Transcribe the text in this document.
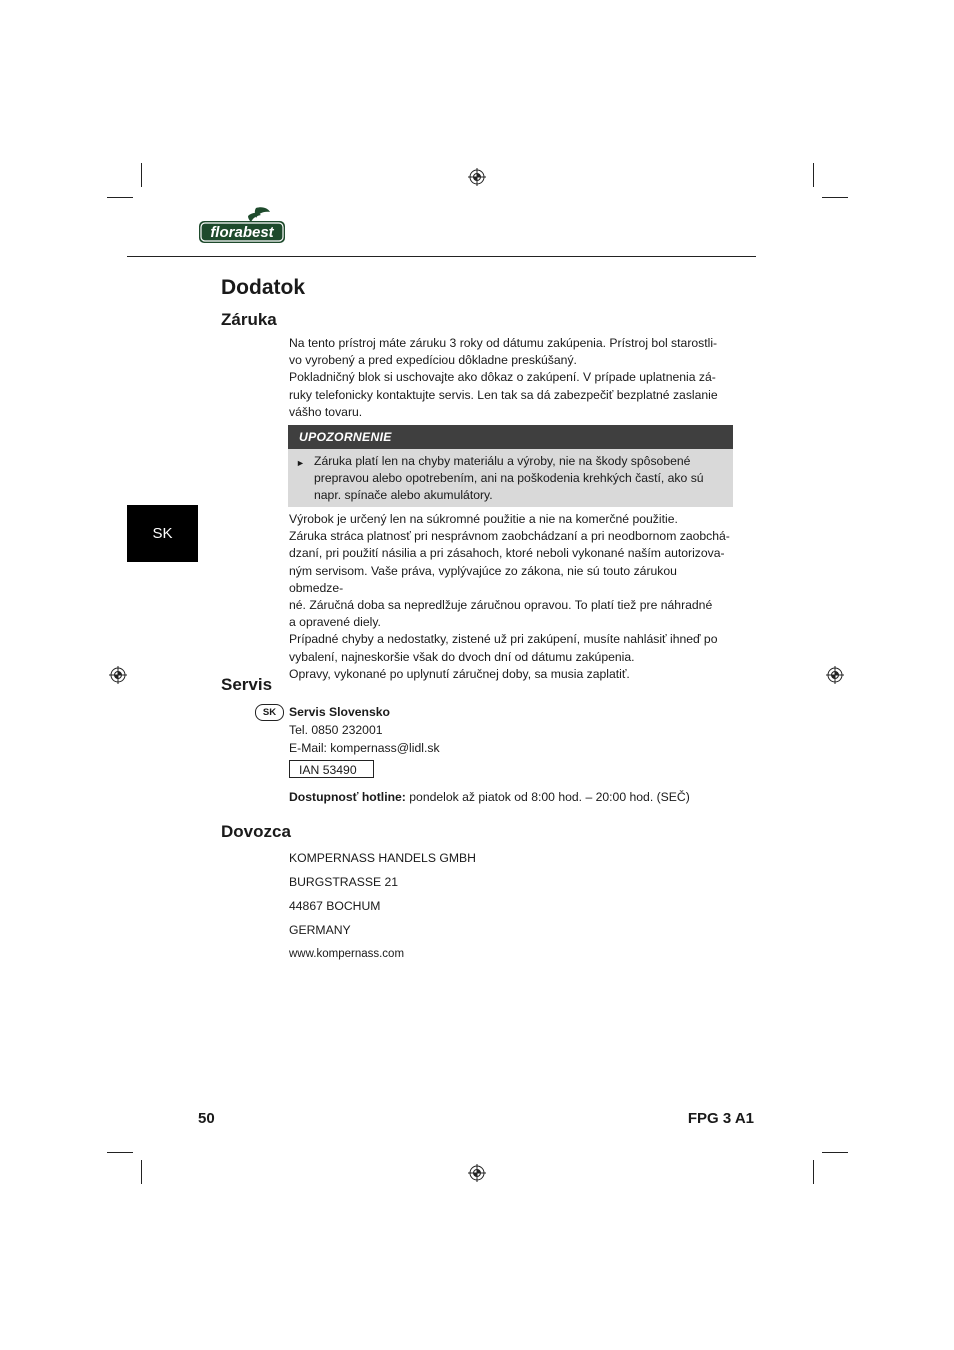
florabest
Dodatok
Záruka

Na tento prístroj máte záruku 3 roky od dátumu zakúpenia. Prístroj bol starostli-

vo vyrobený a pred expedíciou dôkladne preskúšaný.

Pokladničný blok si uschovajte ako dôkaz o zakúpení. V prípade uplatnenia zá-

ruky telefonicky kontaktujte servis. Len tak sa dá zabezpečiť bezplatné zaslanie

vášho tovaru.

UPOZORNENIE
► Záruka platí len na chyby materiálu a výroby, nie na škody spôsobené
prepravou alebo opotrebením, ani na poškodenia krehkých častí, ako sú
napr. spínače alebo akumulátory.
SK

Výrobok je určený len na súkromné použitie a nie na komerčné použitie.

Záruka stráca platnosť pri nesprávnom zaobchádzaní a pri neodbornom zaobchá-

dzaní, pri použití násilia a pri zásahoch, ktoré neboli vykonané naším autorizova-

ným servisom. Vaše práva, vyplývajúce zo zákona, nie sú touto zárukou obmedze-

né. Záručná doba sa nepredlžuje záručnou opravou. To platí tiež pre náhradné

a opravené diely.

Prípadné chyby a nedostatky, zistené už pri zakúpení, musíte nahlásiť ihneď po

vybalení, najneskoršie však do dvoch dní od dátumu zakúpenia.

Opravy, vykonané po uplynutí záručnej doby, sa musia zaplatiť.

Servis
SK	Servis Slovensko
Tel. 0850 232001
E-Mail: kompernass@lidl.sk
IAN 53490
Dostupnosť hotline: pondelok až piatok od 8:00 hod. – 20:00 hod. (SEČ)
Dovozca
KOMPERNASS HANDELS GMBH
BURGSTRASSE 21
44867 BOCHUM
GERMANY
www.kompernass.com
50	FPG 3 A1
